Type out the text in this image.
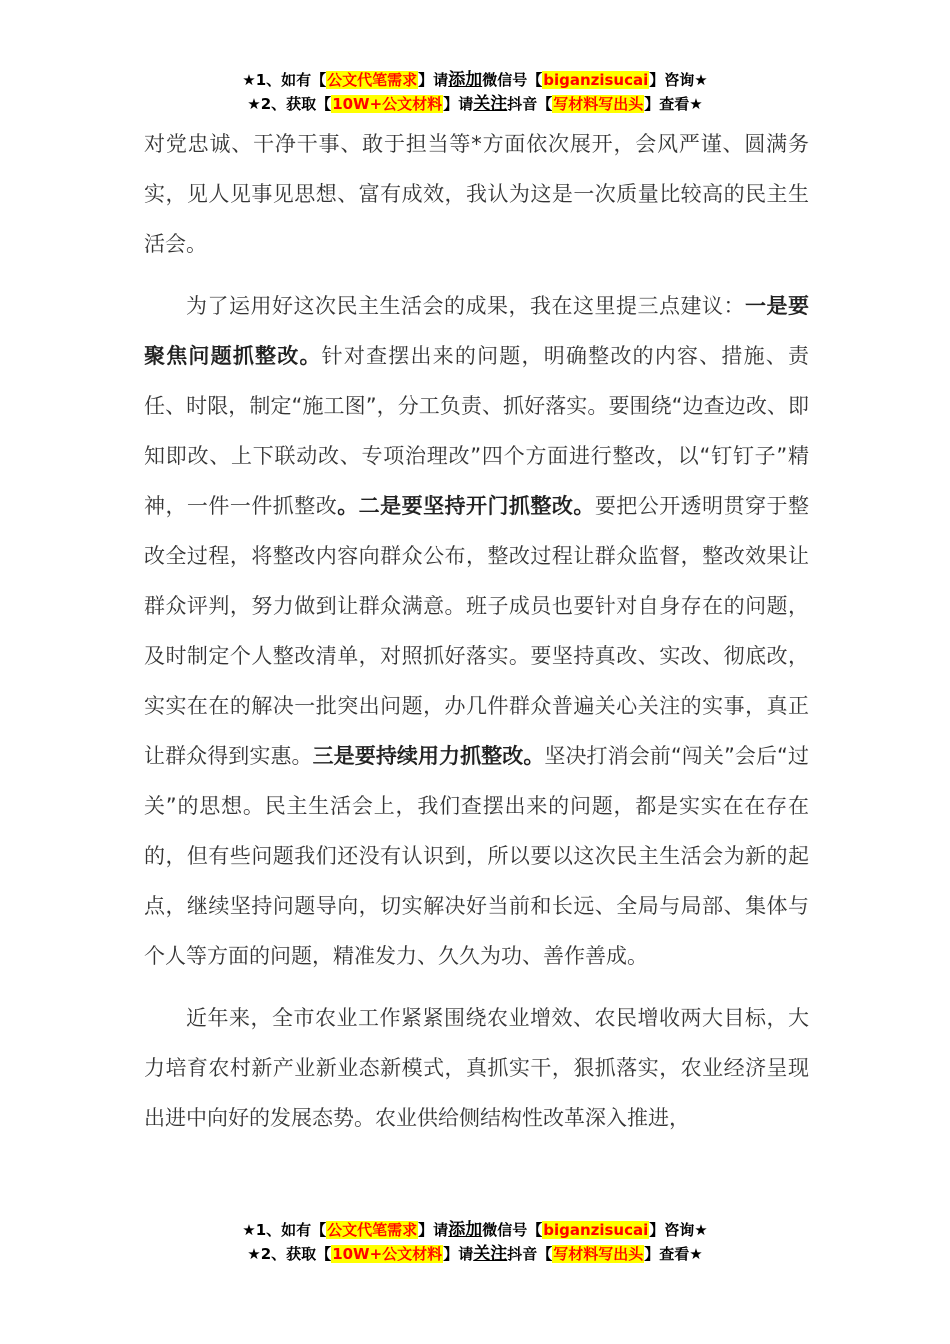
★1、如有【公文代笔需求】请添加微信号【biganzisucai】咨询★
★2、获取【10W+公文材料】请关注抖音【写材料写出头】查看★

对党忠诚、干净干事、敢于担当等*方面依次展开，会风严谨、圆满务实，见人见事见思想、富有成效，我认为这是一次质量比较高的民主生活会。

为了运用好这次民主生活会的成果，我在这里提三点建议：一是要聚焦问题抓整改。针对查摆出来的问题，明确整改的内容、措施、责任、时限，制定“施工图”，分工负责、抓好落实。要围绕“边查边改、即知即改、上下联动改、专项治理改”四个方面进行整改，以“钉钉子”精神，一件一件抓整改。二是要坚持开门抓整改。要把公开透明贯穿于整改全过程，将整改内容向群众公布，整改过程让群众监督，整改效果让群众评判，努力做到让群众满意。班子成员也要针对自身存在的问题，及时制定个人整改清单，对照抓好落实。要坚持真改、实改、彻底改，实实在在的解决一批突出问题，办几件群众普遍关心关注的实事，真正让群众得到实惠。三是要持续用力抓整改。坚决打消会前“闯关”会后“过关”的思想。民主生活会上，我们查摆出来的问题，都是实实在在存在的，但有些问题我们还没有认识到，所以要以这次民主生活会为新的起点，继续坚持问题导向，切实解决好当前和长远、全局与局部、集体与个人等方面的问题，精准发力、久久为功、善作善成。

近年来，全市农业工作紧紧围绕农业增效、农民增收两大目标，大力培育农村新产业新业态新模式，真抓实干，狠抓落实，农业经济呈现出进中向好的发展态势。农业供给侧结构性改革深入推进，

★1、如有【公文代笔需求】请添加微信号【biganzisucai】咨询★
★2、获取【10W+公文材料】请关注抖音【写材料写出头】查看★
